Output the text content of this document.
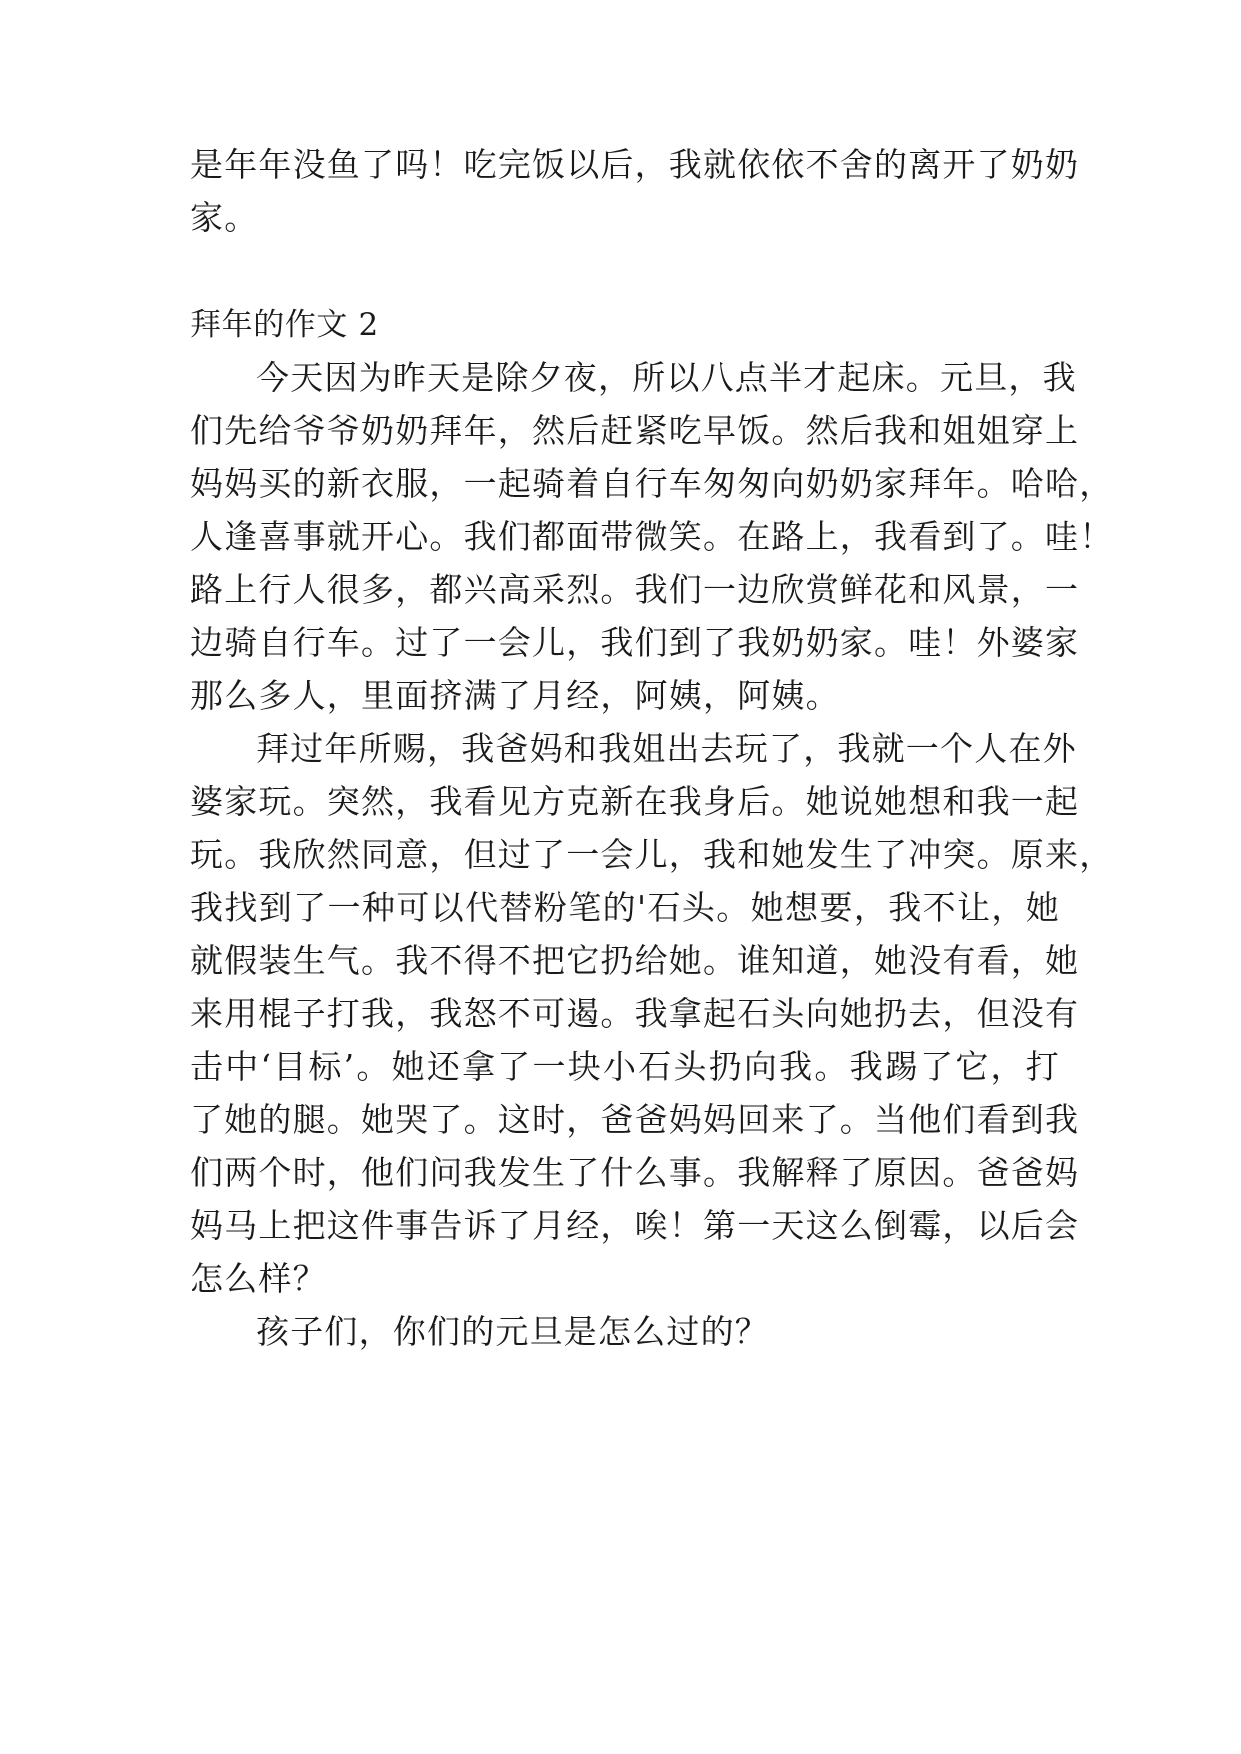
是年年没鱼了吗！吃完饭以后，我就依依不舍的离开了奶奶
家。
拜年的作文 2
今天因为昨天是除夕夜，所以八点半才起床。元旦，我
们先给爷爷奶奶拜年，然后赶紧吃早饭。然后我和姐姐穿上
妈妈买的新衣服，一起骑着自行车匆匆向奶奶家拜年。哈哈，
人逢喜事就开心。我们都面带微笑。在路上，我看到了。哇！
路上行人很多，都兴高采烈。我们一边欣赏鲜花和风景，一
边骑自行车。过了一会儿，我们到了我奶奶家。哇！外婆家
那么多人，里面挤满了月经，阿姨，阿姨。
拜过年所赐，我爸妈和我姐出去玩了，我就一个人在外
婆家玩。突然，我看见方克新在我身后。她说她想和我一起
玩。我欣然同意，但过了一会儿，我和她发生了冲突。原来，
我找到了一种可以代替粉笔的'石头。她想要，我不让，她
就假装生气。我不得不把它扔给她。谁知道，她没有看，她
来用棍子打我，我怒不可遏。我拿起石头向她扔去，但没有
击中‘目标’。她还拿了一块小石头扔向我。我踢了它，打
了她的腿。她哭了。这时，爸爸妈妈回来了。当他们看到我
们两个时，他们问我发生了什么事。我解释了原因。爸爸妈
妈马上把这件事告诉了月经，唉！第一天这么倒霉，以后会
怎么样？
孩子们，你们的元旦是怎么过的？
